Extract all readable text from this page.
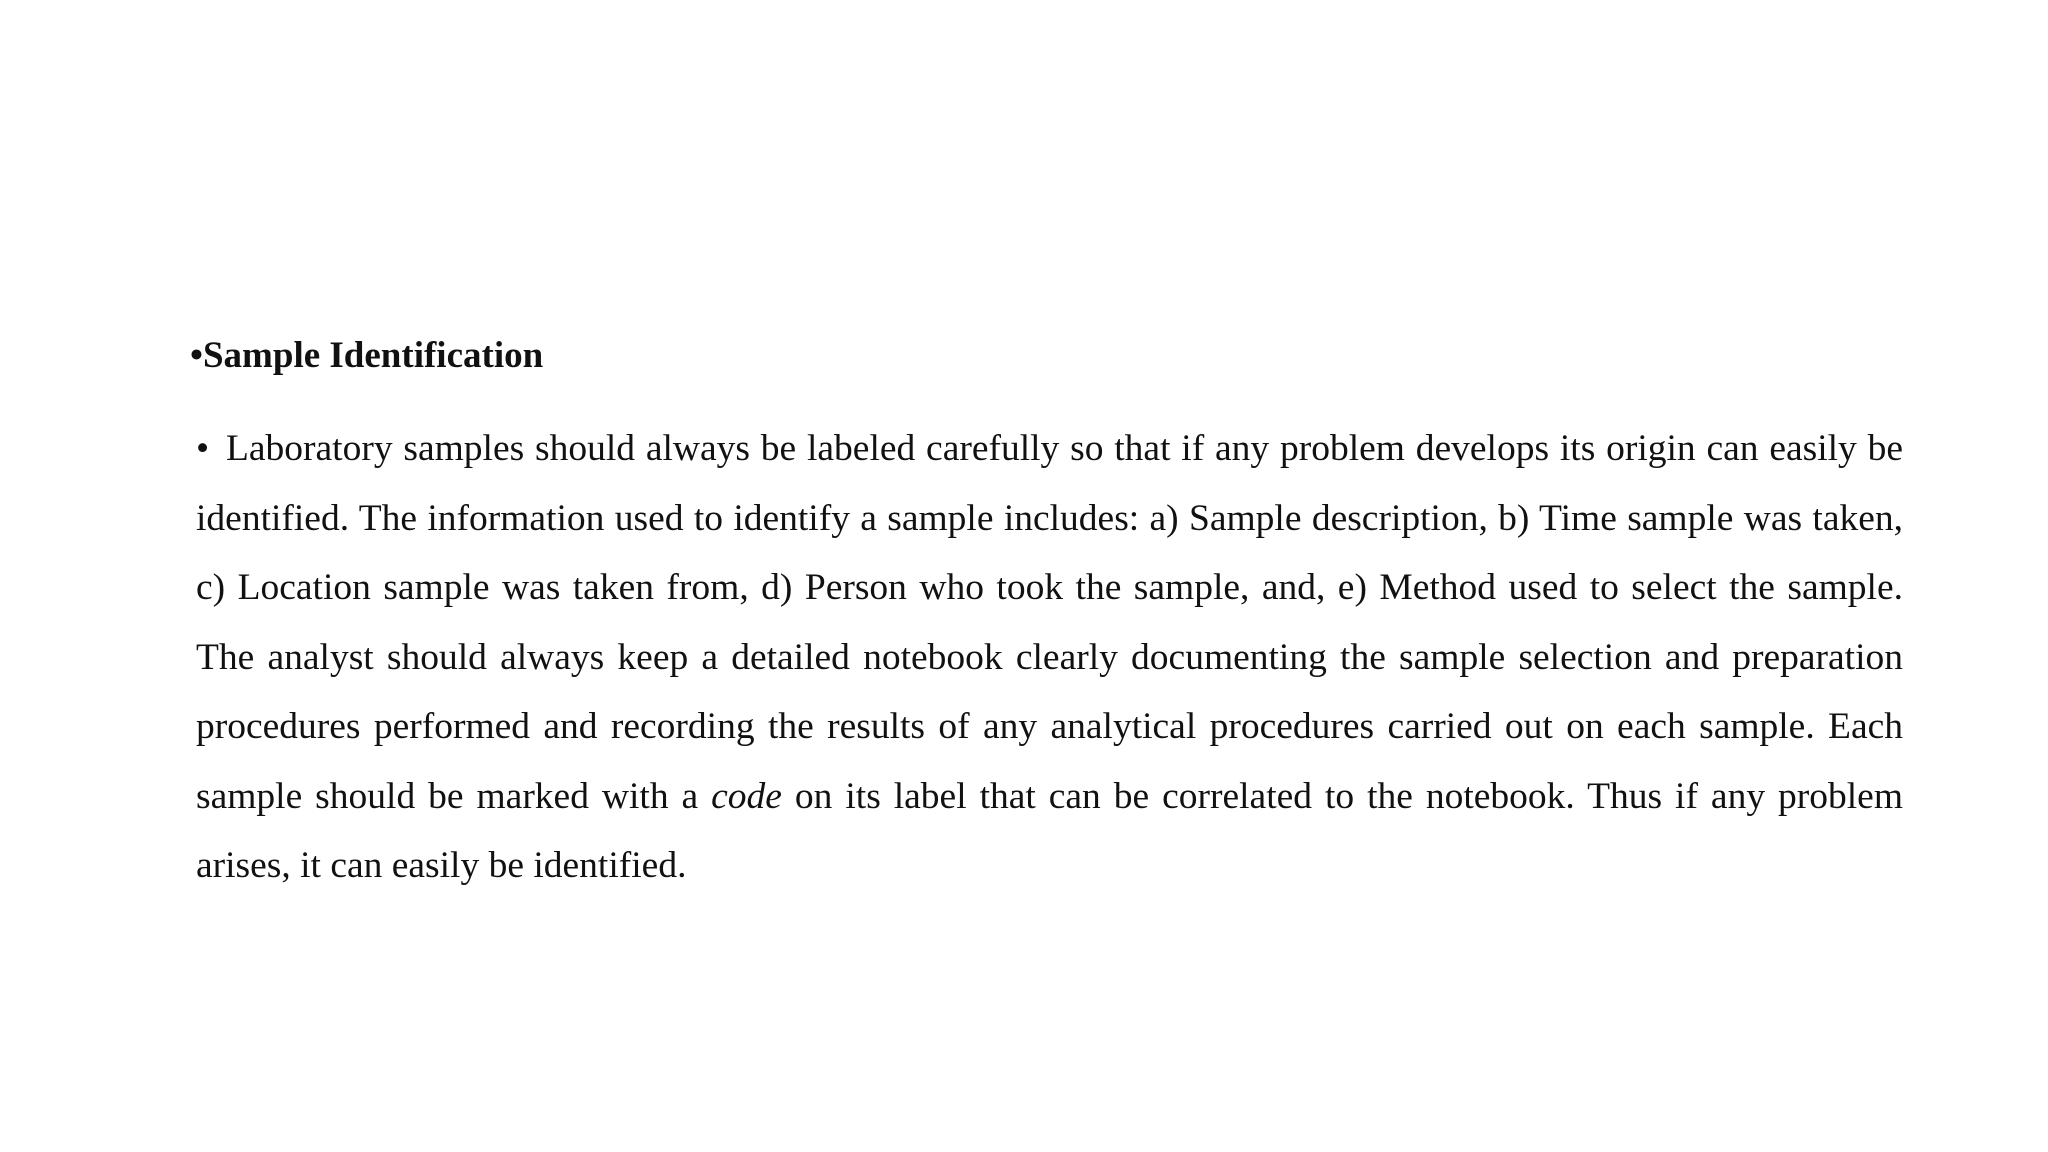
•Sample Identification

• Laboratory samples should always be labeled carefully so that if any problem develops its origin can easily be identified. The information used to identify a sample includes: a) Sample description, b) Time sample was taken, c) Location sample was taken from, d) Person who took the sample, and, e) Method used to select the sample. The analyst should always keep a detailed notebook clearly documenting the sample selection and preparation procedures performed and recording the results of any analytical procedures carried out on each sample. Each sample should be marked with a code on its label that can be correlated to the notebook. Thus if any problem arises, it can easily be identified.
